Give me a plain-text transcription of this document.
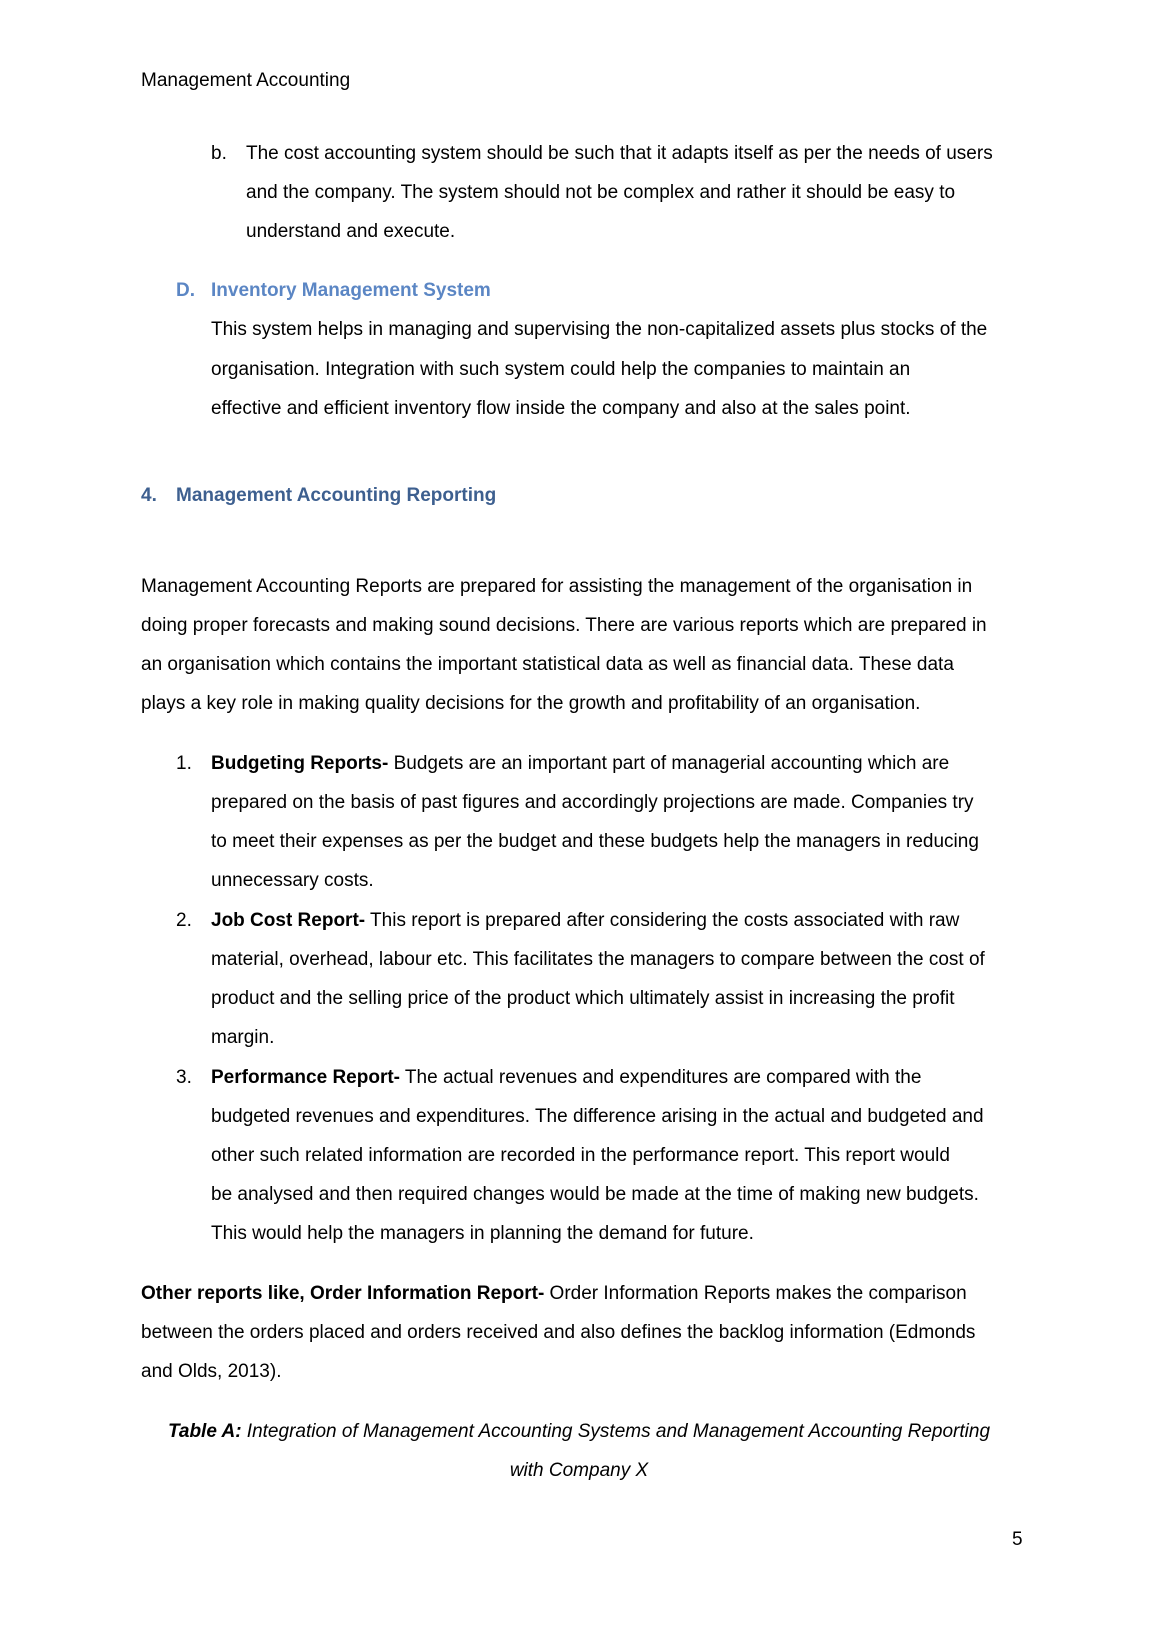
Management Accounting
b. The cost accounting system should be such that it adapts itself as per the needs of users
and the company. The system should not be complex and rather it should be easy to
understand and execute.
D. Inventory Management System
This system helps in managing and supervising the non-capitalized assets plus stocks of the
organisation. Integration with such system could help the companies to maintain an
effective and efficient inventory flow inside the company and also at the sales point.
4. Management Accounting Reporting
Management Accounting Reports are prepared for assisting the management of the organisation in
doing proper forecasts and making sound decisions. There are various reports which are prepared in
an organisation which contains the important statistical data as well as financial data. These data
plays a key role in making quality decisions for the growth and profitability of an organisation.
1. Budgeting Reports- Budgets are an important part of managerial accounting which are
prepared on the basis of past figures and accordingly projections are made. Companies try
to meet their expenses as per the budget and these budgets help the managers in reducing
unnecessary costs.
2. Job Cost Report- This report is prepared after considering the costs associated with raw
material, overhead, labour etc. This facilitates the managers to compare between the cost of
product and the selling price of the product which ultimately assist in increasing the profit
margin.
3. Performance Report- The actual revenues and expenditures are compared with the
budgeted revenues and expenditures. The difference arising in the actual and budgeted and
other such related information are recorded in the performance report. This report would
be analysed and then required changes would be made at the time of making new budgets.
This would help the managers in planning the demand for future.
Other reports like, Order Information Report- Order Information Reports makes the comparison
between the orders placed and orders received and also defines the backlog information (Edmonds
and Olds, 2013).
Table A: Integration of Management Accounting Systems and Management Accounting Reporting
with Company X
5
